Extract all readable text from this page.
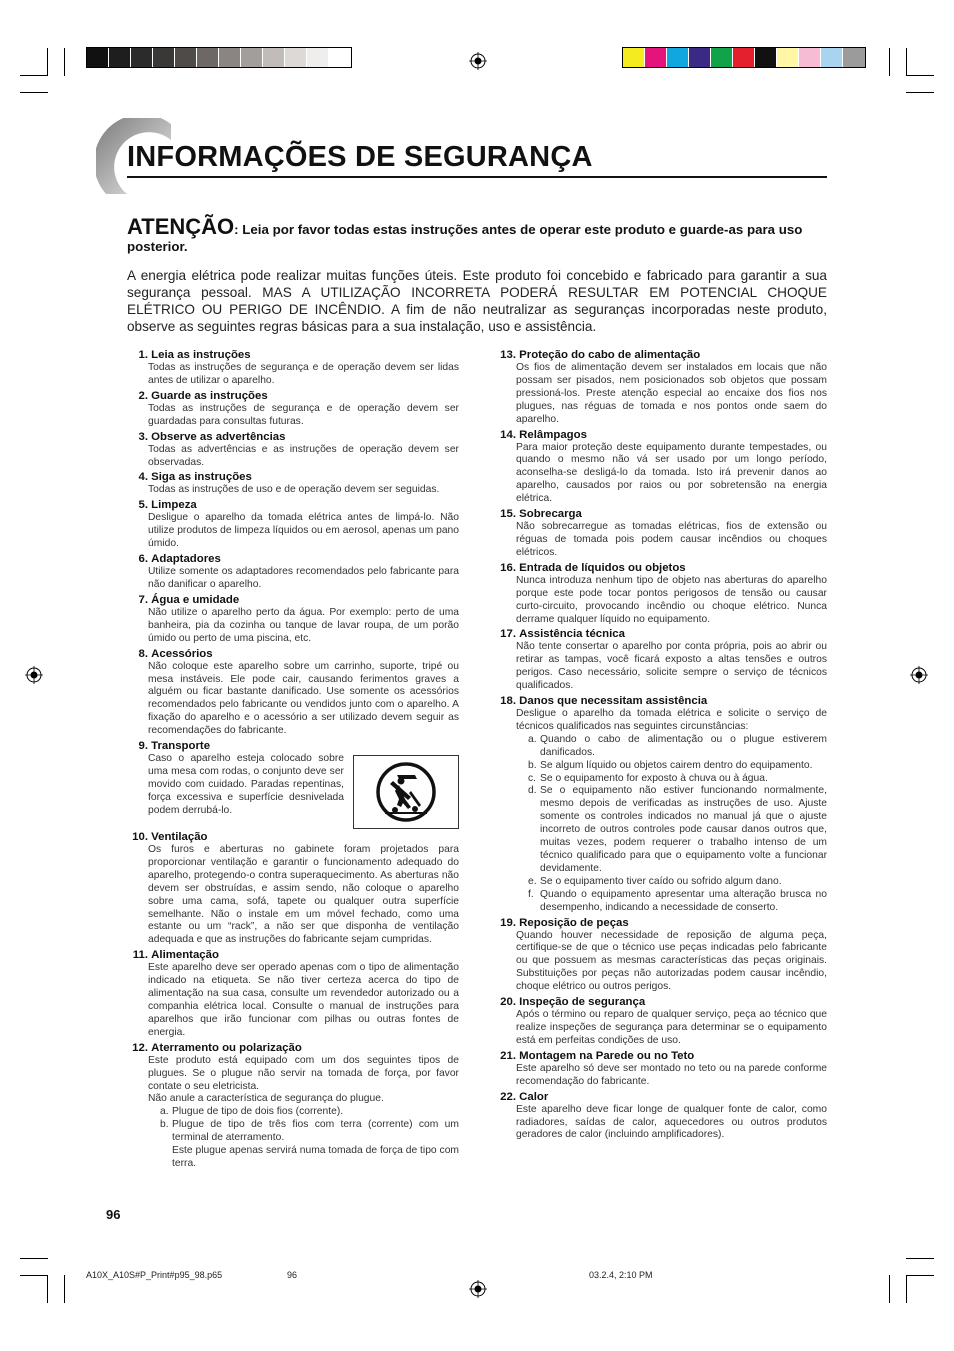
INFORMAÇÕES DE SEGURANÇA
ATENÇÃO: Leia por favor todas estas instruções antes de operar este produto e guarde-as para uso posterior.

A energia elétrica pode realizar muitas funções úteis. Este produto foi concebido e fabricado para garantir a sua segurança pessoal. MAS A UTILIZAÇÃO INCORRETA PODERÁ RESULTAR EM POTENCIAL CHOQUE ELÉTRICO OU PERIGO DE INCÊNDIO. A fim de não neutralizar as seguranças incorporadas neste produto, observe as seguintes regras básicas para a sua instalação, uso e assistência.

1.
Leia as instruções
Todas as instruções de segurança e de operação devem ser lidas antes de utilizar o aparelho.
2.
Guarde as instruções
Todas as instruções de segurança e de operação devem ser guardadas para consultas futuras.
3.
Observe as advertências
Todas as advertências e as instruções de operação devem ser observadas.
4.
Siga as instruções
Todas as instruções de uso e de operação devem ser seguidas.
5.
Limpeza
Desligue o aparelho da tomada elétrica antes de limpá-lo. Não utilize produtos de limpeza líquidos ou em aerosol, apenas um pano úmido.
6.
Adaptadores
Utilize somente os adaptadores recomendados pelo fabricante para não danificar o aparelho.
7.
Água e umidade
Não utilize o aparelho perto da água. Por exemplo: perto de uma banheira, pia da cozinha ou tanque de lavar roupa, de um porão úmido ou perto de uma piscina, etc.
8.
Acessórios
Não coloque este aparelho sobre um carrinho, suporte, tripé ou mesa instáveis. Ele pode cair, causando ferimentos graves a alguém ou ficar bastante danificado. Use somente os acessórios recomendados pelo fabricante ou vendidos junto com o aparelho. A fixação do aparelho e o acessório a ser utilizado devem seguir as recomendações do fabricante.
9.
Transporte
Caso o aparelho esteja colocado sobre uma mesa com rodas, o conjunto deve ser movido com cuidado. Paradas repentinas, força excessiva e superfície desnivelada podem derrubá-lo.
10.
Ventilação
Os furos e aberturas no gabinete foram projetados para proporcionar ventilação e garantir o funcionamento adequado do aparelho, protegendo-o contra superaquecimento. As aberturas não devem ser obstruídas, e assim sendo, não coloque o aparelho sobre uma cama, sofá, tapete ou qualquer outra superfície semelhante. Não o instale em um móvel fechado, como uma estante ou um “rack”, a não ser que disponha de ventilação adequada e que as instruções do fabricante sejam cumpridas.
11.
Alimentação
Este aparelho deve ser operado apenas com o tipo de alimentação indicado na etiqueta. Se não tiver certeza acerca do tipo de alimentação na sua casa, consulte um revendedor autorizado ou a companhia elétrica local. Consulte o manual de instruções para aparelhos que irão funcionar com pilhas ou outras fontes de energia.
12.
Aterramento ou polarização
Este produto está equipado com um dos seguintes tipos de plugues. Se o plugue não servir na tomada de força, por favor contate o seu eletricista.
Não anule a característica de segurança do plugue.
a. Plugue de tipo de dois fios (corrente).
b. Plugue de tipo de três fios com terra (corrente) com um terminal de aterramento.
Este plugue apenas servirá numa tomada de força de tipo com terra.
13.
Proteção do cabo de alimentação
Os fios de alimentação devem ser instalados em locais que não possam ser pisados, nem posicionados sob objetos que possam pressioná-los. Preste atenção especial ao encaixe dos fios nos plugues, nas réguas de tomada e nos pontos onde saem do aparelho.
14.
Relâmpagos
Para maior proteção deste equipamento durante tempestades, ou quando o mesmo não vá ser usado por um longo período, aconselha-se desligá-lo da tomada. Isto irá prevenir danos ao aparelho, causados por raios ou por sobretensão na energia elétrica.
15.
Sobrecarga
Não sobrecarregue as tomadas elétricas, fios de extensão ou réguas de tomada pois podem causar incêndios ou choques elétricos.
16.
Entrada de líquidos ou objetos
Nunca introduza nenhum tipo de objeto nas aberturas do aparelho porque este pode tocar pontos perigosos de tensão ou causar curto-circuito, provocando incêndio ou choque elétrico. Nunca derrame qualquer líquido no equipamento.
17.
Assistência técnica
Não tente consertar o aparelho por conta própria, pois ao abrir ou retirar as tampas, você ficará exposto a altas tensões e outros perigos. Caso necessário, solicite sempre o serviço de técnicos qualificados.
18.
Danos que necessitam assistência
Desligue o aparelho da tomada elétrica e solicite o serviço de técnicos qualificados nas seguintes circunstâncias:
a. Quando o cabo de alimentação ou o plugue estiverem danificados.
b. Se algum líquido ou objetos cairem dentro do equipamento.
c. Se o equipamento for exposto à chuva ou à água.
d. Se o equipamento não estiver funcionando normalmente, mesmo depois de verificadas as instruções de uso. Ajuste somente os controles indicados no manual já que o ajuste incorreto de outros controles pode causar danos outros que, muitas vezes, podem requerer o trabalho intenso de um técnico qualificado para que o equipamento volte a funcionar devidamente.
e. Se o equipamento tiver caído ou sofrido algum dano.
f. Quando o equipamento apresentar uma alteração brusca no desempenho, indicando a necessidade de conserto.
19.
Reposição de peças
Quando houver necessidade de reposição de alguma peça, certifique-se de que o técnico use peças indicadas pelo fabricante ou que possuem as mesmas características das peças originais. Substituições por peças não autorizadas podem causar incêndio, choque elétrico ou outros perigos.
20.
Inspeção de segurança
Após o término ou reparo de qualquer serviço, peça ao técnico que realize inspeções de segurança para determinar se o equipamento está em perfeitas condições de uso.
21.
Montagem na Parede ou no Teto
Este aparelho só deve ser montado no teto ou na parede conforme recomendação do fabricante.
22.
Calor
Este aparelho deve ficar longe de qualquer fonte de calor, como radiadores, saídas de calor, aquecedores ou outros produtos geradores de calor (incluindo amplificadores).
96
A10X_A10S#P_Print#p95_98.p65	96	03.2.4, 2:10 PM
